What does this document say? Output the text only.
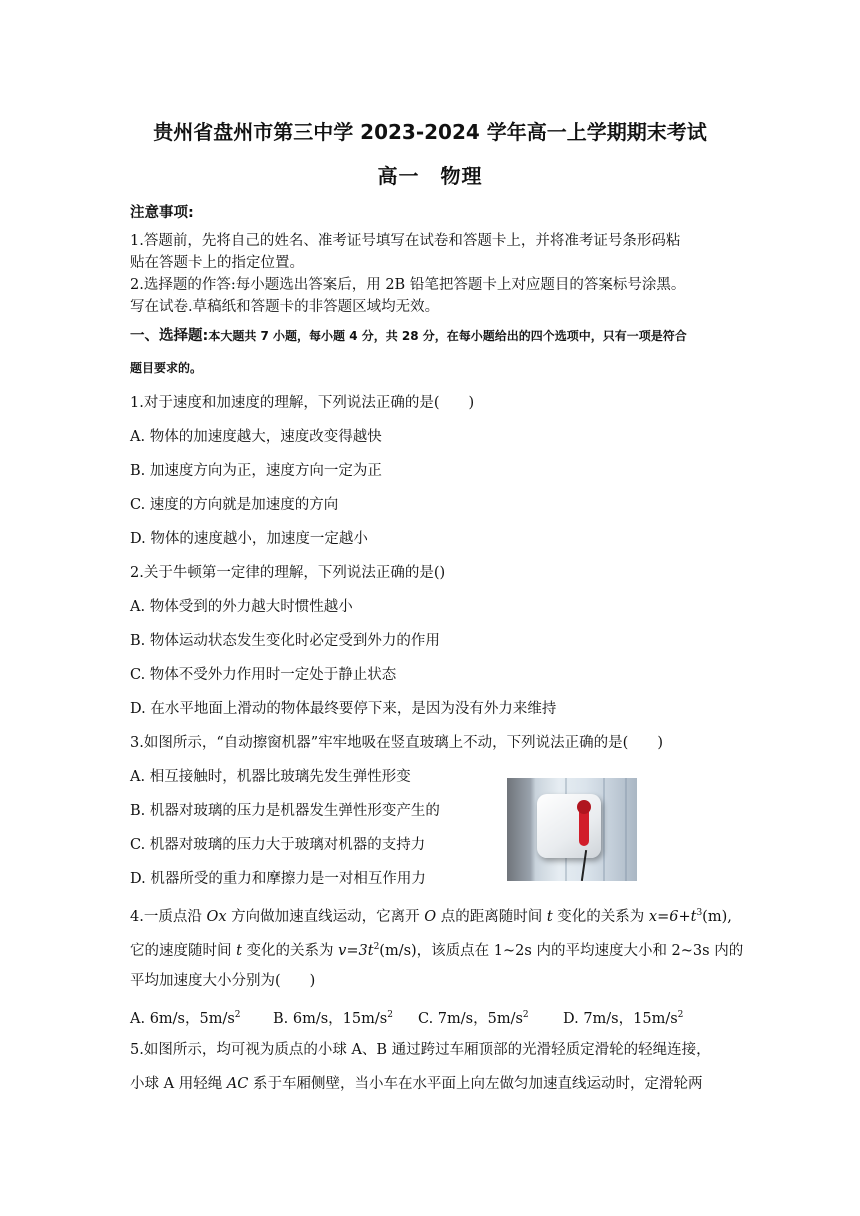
贵州省盘州市第三中学 2023-2024 学年高一上学期期末考试
高一　物理
注意事项:
1.答题前，先将自己的姓名、准考证号填写在试卷和答题卡上，并将准考证号条形码粘
贴在答题卡上的指定位置。
2.选择题的作答:每小题选出答案后，用 2B 铅笔把答题卡上对应题目的答案标号涂黑。
写在试卷.草稿纸和答题卡的非答题区域均无效。
一、选择题:本大题共 7 小题，每小题 4 分，共 28 分，在每小题给出的四个选项中，只有一项是符合
题目要求的。
1.对于速度和加速度的理解，下列说法正确的是(　　)
A. 物体的加速度越大，速度改变得越快
B. 加速度方向为正，速度方向一定为正
C. 速度的方向就是加速度的方向
D. 物体的速度越小，加速度一定越小
2.关于牛顿第一定律的理解，下列说法正确的是()
A. 物体受到的外力越大时惯性越小
B. 物体运动状态发生变化时必定受到外力的作用
C. 物体不受外力作用时一定处于静止状态
D. 在水平地面上滑动的物体最终要停下来，是因为没有外力来维持
3.如图所示，“自动擦窗机器”牢牢地吸在竖直玻璃上不动，下列说法正确的是(　　)
A. 相互接触时，机器比玻璃先发生弹性形变
B. 机器对玻璃的压力是机器发生弹性形变产生的
C. 机器对玻璃的压力大于玻璃对机器的支持力
D. 机器所受的重力和摩擦力是一对相互作用力
4.一质点沿 Ox 方向做加速直线运动，它离开 O 点的距离随时间 t 变化的关系为 $x=6+t^3(m)$,
它的速度随时间 t 变化的关系为 $v=3t^2(m/s)$，该质点在 1~2s 内的平均速度大小和 2~3s 内的
平均加速度大小分别为(　　)
A. 6m/s，$5m/s^2$ B. 6m/s，$15m/s^2$ C. 7m/s，$5m/s^2$ D. 7m/s，$15m/s^2$
5.如图所示，均可视为质点的小球 A、B 通过跨过车厢顶部的光滑轻质定滑轮的轻绳连接，
小球 A 用轻绳 AC 系于车厢侧壁，当小车在水平面上向左做匀加速直线运动时，定滑轮两
